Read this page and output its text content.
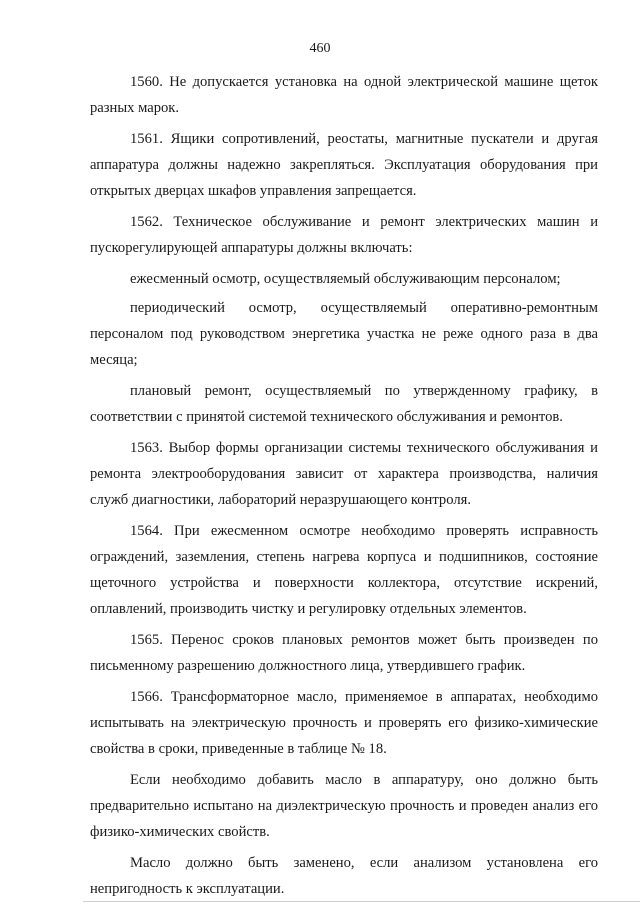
460

1560. Не допускается установка на одной электрической машине щеток разных марок.

1561. Ящики сопротивлений, реостаты, магнитные пускатели и другая аппаратура должны надежно закрепляться. Эксплуатация оборудования при открытых дверцах шкафов управления запрещается.

1562. Техническое обслуживание и ремонт электрических машин и пускорегулирующей аппаратуры должны включать:

ежесменный осмотр, осуществляемый обслуживающим персоналом;

периодический осмотр, осуществляемый оперативно-ремонтным персоналом под руководством энергетика участка не реже одного раза в два месяца;

плановый ремонт, осуществляемый по утвержденному графику, в соответствии с принятой системой технического обслуживания и ремонтов.

1563. Выбор формы организации системы технического обслуживания и ремонта электрооборудования зависит от характера производства, наличия служб диагностики, лабораторий неразрушающего контроля.

1564. При ежесменном осмотре необходимо проверять исправность ограждений, заземления, степень нагрева корпуса и подшипников, состояние щеточного устройства и поверхности коллектора, отсутствие искрений, оплавлений, производить чистку и регулировку отдельных элементов.

1565. Перенос сроков плановых ремонтов может быть произведен по письменному разрешению должностного лица, утвердившего график.

1566. Трансформаторное масло, применяемое в аппаратах, необходимо испытывать на электрическую прочность и проверять его физико-химические свойства в сроки, приведенные в таблице № 18.

Если необходимо добавить масло в аппаратуру, оно должно быть предварительно испытано на диэлектрическую прочность и проведен анализ его физико-химических свойств.

Масло должно быть заменено, если анализом установлена его непригодность к эксплуатации.
